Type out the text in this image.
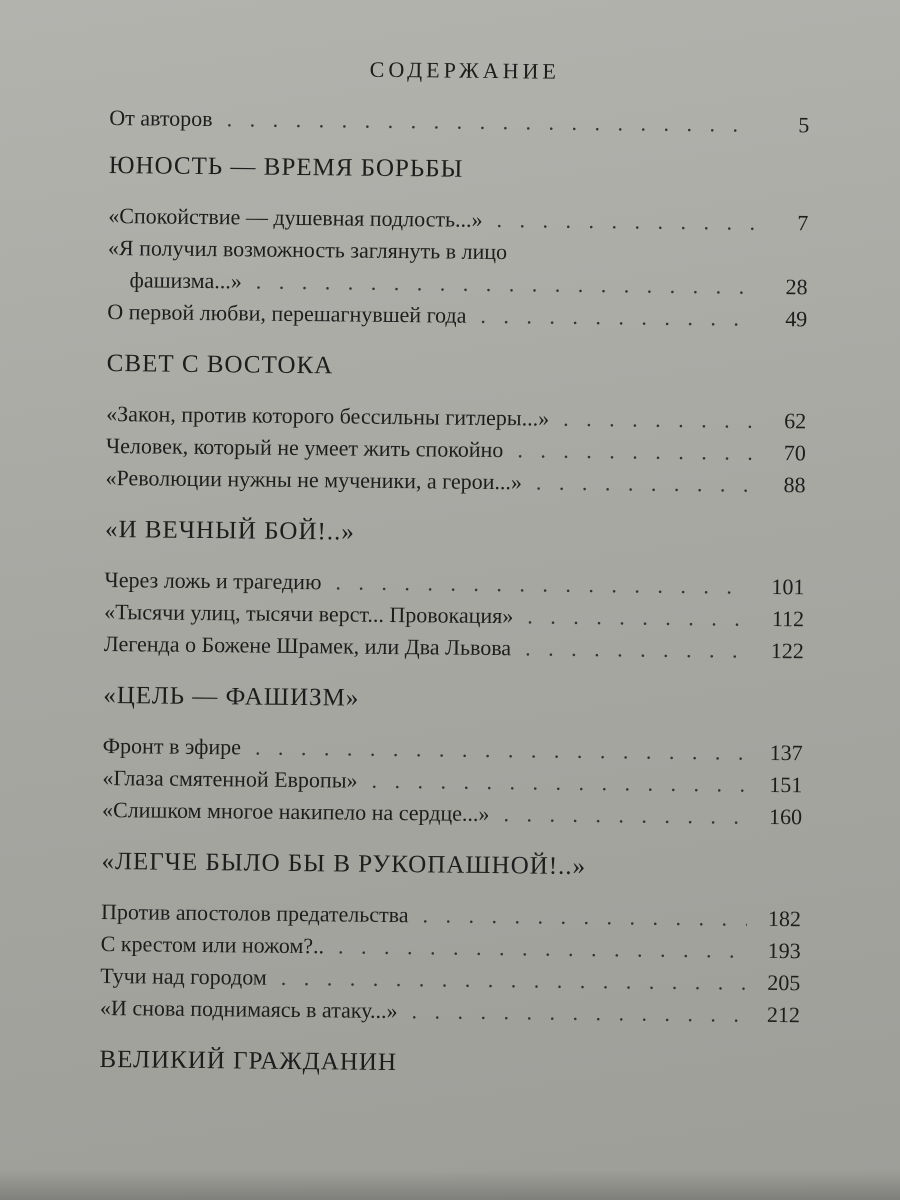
СОДЕРЖАНИЕ
От авторов . . .	5
ЮНОСТЬ — ВРЕМЯ БОРЬБЫ
«Спокойствие — душевная подлость...» . . .	7
«Я получил возможность заглянуть в лицо
фашизма...» . . .	28
О первой любви, перешагнувшей года . . .	49
СВЕТ С ВОСТОКА
«Закон, против которого бессильны гитлеры...» . . .	62
Человек, который не умеет жить спокойно . . .	70
«Революции нужны не мученики, а герои...» . . .	88
«И ВЕЧНЫЙ БОЙ!..»
Через ложь и трагедию . . .	101
«Тысячи улиц, тысячи верст... Провокация» . . .	112
Легенда о Божене Шрамек, или Два Львова . . .	122
«ЦЕЛЬ — ФАШИЗМ»
Фронт в эфире . . .	137
«Глаза смятенной Европы» . . .	151
«Слишком многое накипело на сердце...» . . .	160
«ЛЕГЧЕ БЫЛО БЫ В РУКОПАШНОЙ!..»
Против апостолов предательства . . .	182
С крестом или ножом?.. . . .	193
Тучи над городом . . .	205
«И снова поднимаясь в атаку...» . . .	212
ВЕЛИКИЙ ГРАЖДАНИН
